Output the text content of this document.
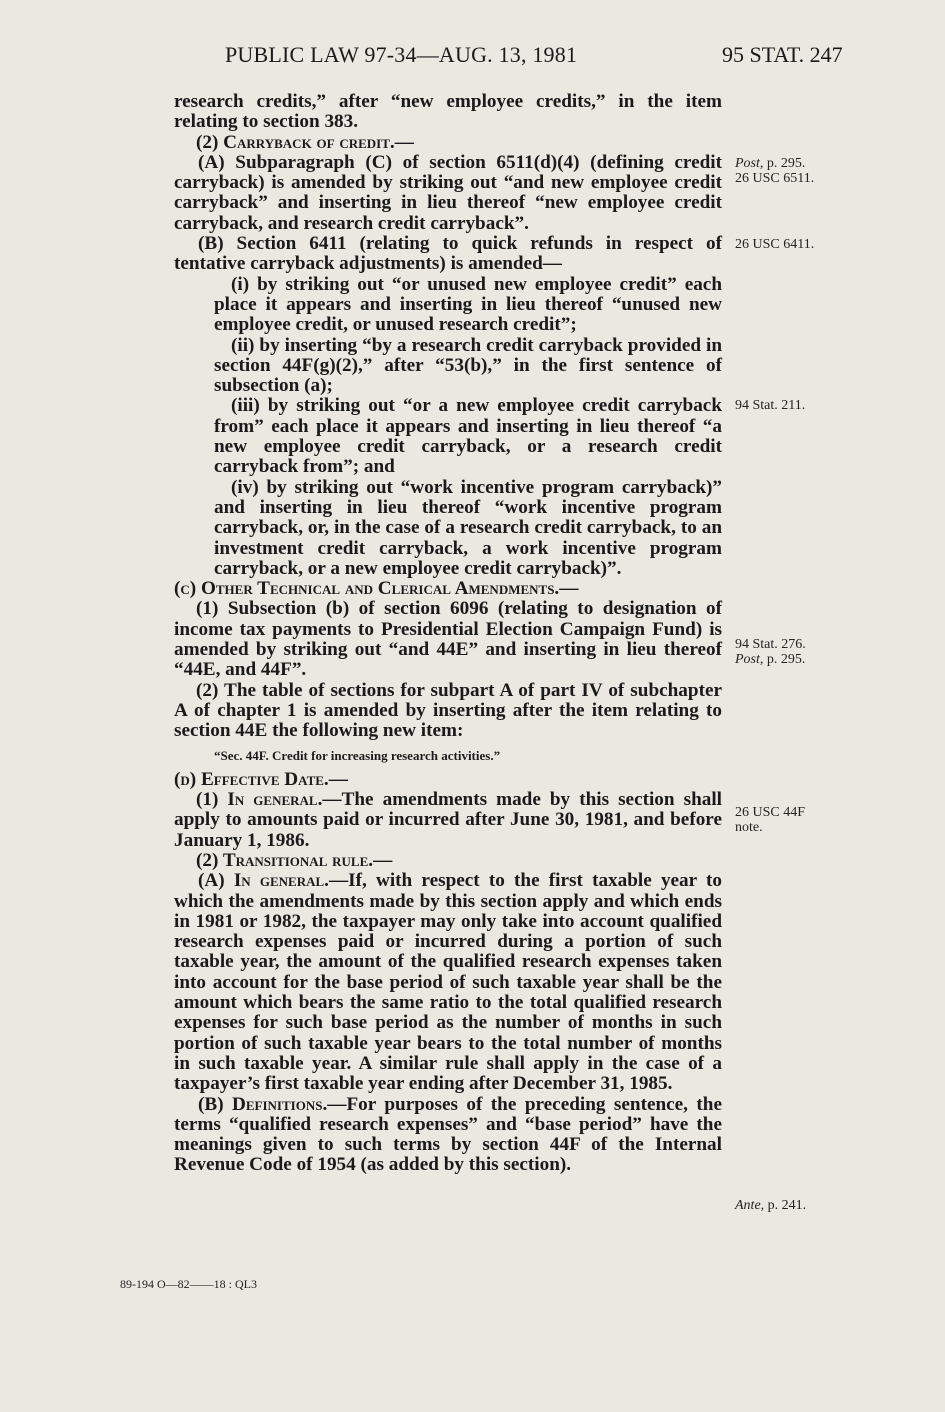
PUBLIC LAW 97-34—AUG. 13, 1981	95 STAT. 247

research credits,” after “new employee credits,” in the item relating to section 383.

(2) Carryback of credit.—

(A) Subparagraph (C) of section 6511(d)(4) (defining credit carryback) is amended by striking out “and new employee credit carryback” and inserting in lieu thereof “new employee credit carryback, and research credit carryback”.

(B) Section 6411 (relating to quick refunds in respect of tentative carryback adjustments) is amended—

(i) by striking out “or unused new employee credit” each place it appears and inserting in lieu thereof “unused new employee credit, or unused research credit”;

(ii) by inserting “by a research credit carryback provided in section 44F(g)(2),” after “53(b),” in the first sentence of subsection (a);

(iii) by striking out “or a new employee credit carryback from” each place it appears and inserting in lieu thereof “a new employee credit carryback, or a research credit carryback from”; and

(iv) by striking out “work incentive program carryback)” and inserting in lieu thereof “work incentive program carryback, or, in the case of a research credit carryback, to an investment credit carryback, a work incentive program carryback, or a new employee credit carryback)”.

(c) Other Technical and Clerical Amendments.—

(1) Subsection (b) of section 6096 (relating to designation of income tax payments to Presidential Election Campaign Fund) is amended by striking out “and 44E” and inserting in lieu thereof “44E, and 44F”.

(2) The table of sections for subpart A of part IV of subchapter A of chapter 1 is amended by inserting after the item relating to section 44E the following new item:

“Sec. 44F. Credit for increasing research activities.”

(d) Effective Date.—

(1) In general.—The amendments made by this section shall apply to amounts paid or incurred after June 30, 1981, and before January 1, 1986.

(2) Transitional rule.—

(A) In general.—If, with respect to the first taxable year to which the amendments made by this section apply and which ends in 1981 or 1982, the taxpayer may only take into account qualified research expenses paid or incurred during a portion of such taxable year, the amount of the qualified research expenses taken into account for the base period of such taxable year shall be the amount which bears the same ratio to the total qualified research expenses for such base period as the number of months in such portion of such taxable year bears to the total number of months in such taxable year. A similar rule shall apply in the case of a taxpayer’s first taxable year ending after December 31, 1985.

(B) Definitions.—For purposes of the preceding sentence, the terms “qualified research expenses” and “base period” have the meanings given to such terms by section 44F of the Internal Revenue Code of 1954 (as added by this section).

Post, p. 295.
26 USC 6511.
26 USC 6411.
94 Stat. 211.
94 Stat. 276.
Post, p. 295.
26 USC 44F
note.
Ante, p. 241.
89-194 O—82——18 : QL3
